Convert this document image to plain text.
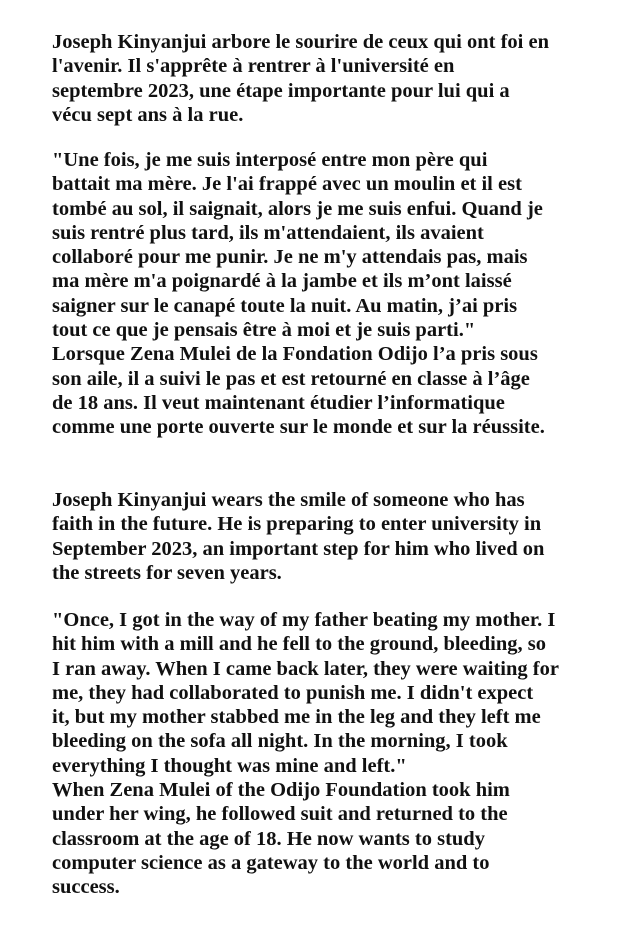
Joseph Kinyanjui arbore le sourire de ceux qui ont foi en
l'avenir. Il s'apprête à rentrer à l'université en
septembre 2023, une étape importante pour lui qui a
vécu sept ans à la rue.
"Une fois, je me suis interposé entre mon père qui
battait ma mère. Je l'ai frappé avec un moulin et il est
tombé au sol, il saignait, alors je me suis enfui. Quand je
suis rentré plus tard, ils m'attendaient, ils avaient
collaboré pour me punir. Je ne m'y attendais pas, mais
ma mère m'a poignardé à la jambe et ils m’ont laissé
saigner sur le canapé toute la nuit. Au matin, j’ai pris
tout ce que je pensais être à moi et je suis parti."
Lorsque Zena Mulei de la Fondation Odijo l’a pris sous
son aile, il a suivi le pas et est retourné en classe à l’âge
de 18 ans. Il veut maintenant étudier l’informatique
comme une porte ouverte sur le monde et sur la réussite.
Joseph Kinyanjui wears the smile of someone who has
faith in the future. He is preparing to enter university in
September 2023, an important step for him who lived on
the streets for seven years.
"Once, I got in the way of my father beating my mother. I
hit him with a mill and he fell to the ground, bleeding, so
I ran away. When I came back later, they were waiting for
me, they had collaborated to punish me. I didn't expect
it, but my mother stabbed me in the leg and they left me
bleeding on the sofa all night. In the morning, I took
everything I thought was mine and left."
When Zena Mulei of the Odijo Foundation took him
under her wing, he followed suit and returned to the
classroom at the age of 18. He now wants to study
computer science as a gateway to the world and to
success.
